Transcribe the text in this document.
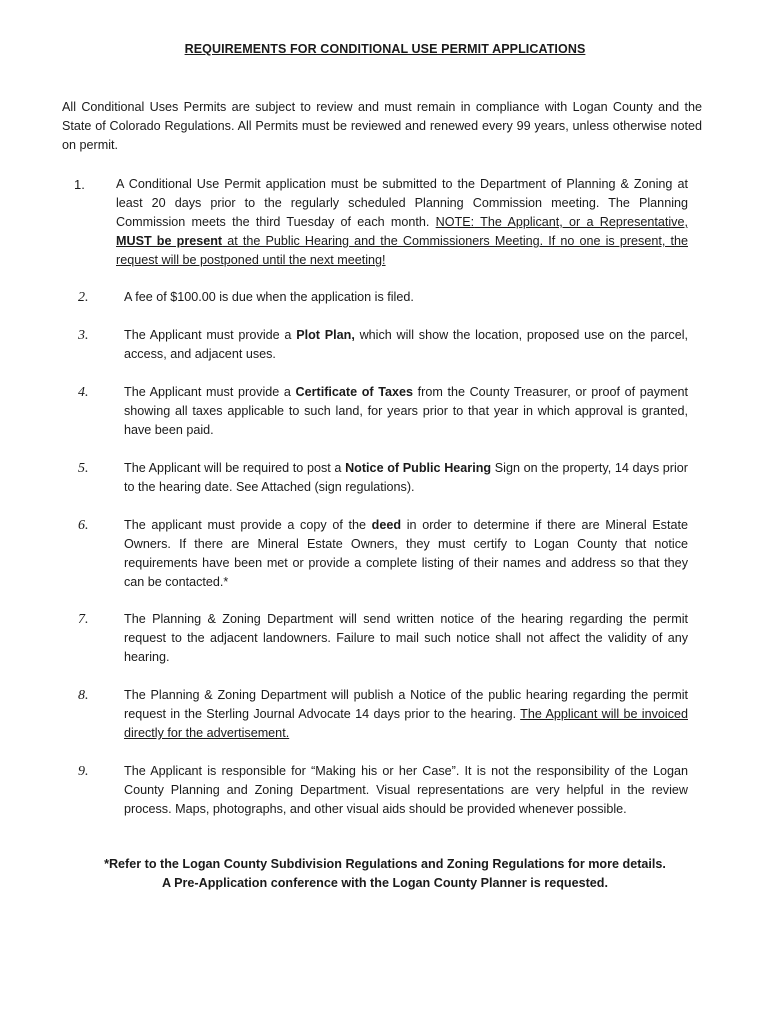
REQUIREMENTS FOR CONDITIONAL USE PERMIT APPLICATIONS
All Conditional Uses Permits are subject to review and must remain in compliance with Logan County and the State of Colorado Regulations. All Permits must be reviewed and renewed every 99 years, unless otherwise noted on permit.
1. A Conditional Use Permit application must be submitted to the Department of Planning & Zoning at least 20 days prior to the regularly scheduled Planning Commission meeting. The Planning Commission meets the third Tuesday of each month. NOTE: The Applicant, or a Representative, MUST be present at the Public Hearing and the Commissioners Meeting. If no one is present, the request will be postponed until the next meeting!
2.	A fee of $100.00 is due when the application is filed.
3.	The Applicant must provide a Plot Plan, which will show the location, proposed use on the parcel, access, and adjacent uses.
4.	The Applicant must provide a Certificate of Taxes from the County Treasurer, or proof of payment showing all taxes applicable to such land, for years prior to that year in which approval is granted, have been paid.
5.	The Applicant will be required to post a Notice of Public Hearing Sign on the property, 14 days prior to the hearing date. See Attached (sign regulations).
6.	The applicant must provide a copy of the deed in order to determine if there are Mineral Estate Owners. If there are Mineral Estate Owners, they must certify to Logan County that notice requirements have been met or provide a complete listing of their names and address so that they can be contacted.*
7.	The Planning & Zoning Department will send written notice of the hearing regarding the permit request to the adjacent landowners. Failure to mail such notice shall not affect the validity of any hearing.
8.	The Planning & Zoning Department will publish a Notice of the public hearing regarding the permit request in the Sterling Journal Advocate 14 days prior to the hearing. The Applicant will be invoiced directly for the advertisement.
9.	The Applicant is responsible for “Making his or her Case”. It is not the responsibility of the Logan County Planning and Zoning Department. Visual representations are very helpful in the review process. Maps, photographs, and other visual aids should be provided whenever possible.
*Refer to the Logan County Subdivision Regulations and Zoning Regulations for more details.
A Pre-Application conference with the Logan County Planner is requested.
